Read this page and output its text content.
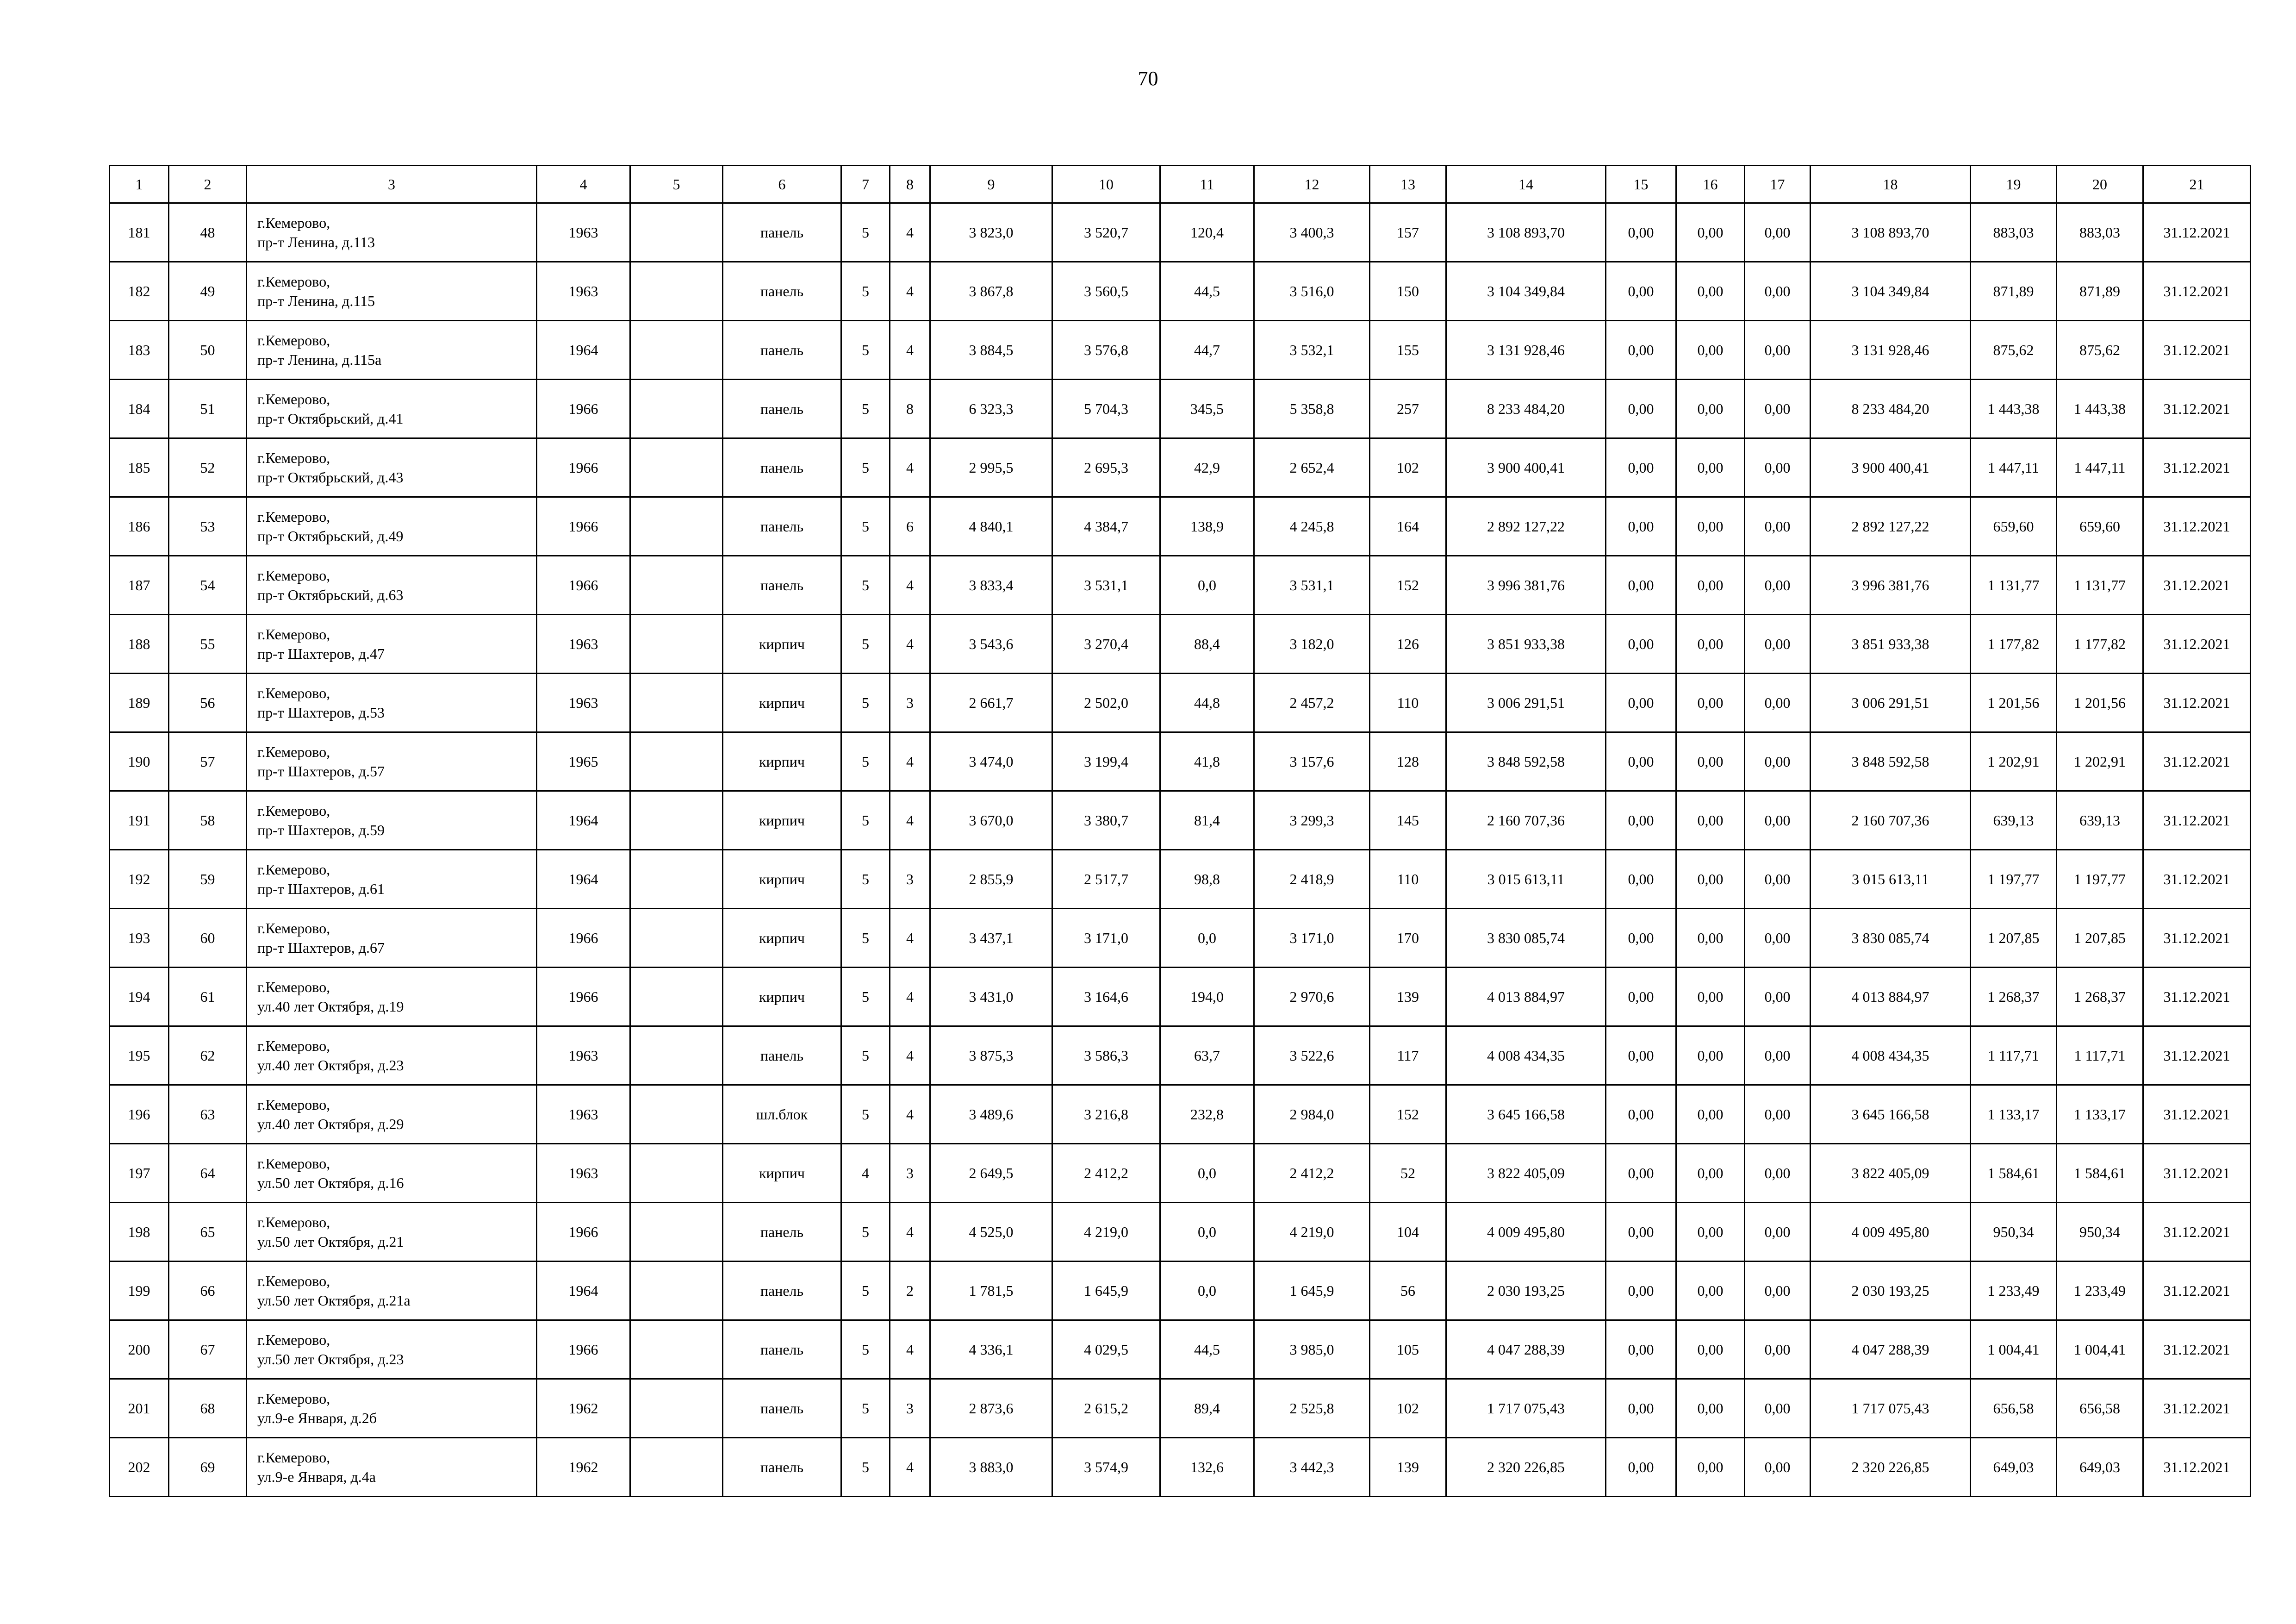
70
1	2	3	4	5	6	7	8	9	10	11	12	13	14	15	16	17	18	19	20	21
181	48	г.Кемерово,
пр-т Ленина, д.113	1963		панель	5	4	3 823,0	3 520,7	120,4	3 400,3	157	3 108 893,70	0,00	0,00	0,00	3 108 893,70	883,03	883,03	31.12.2021
182	49	г.Кемерово,
пр-т Ленина, д.115	1963		панель	5	4	3 867,8	3 560,5	44,5	3 516,0	150	3 104 349,84	0,00	0,00	0,00	3 104 349,84	871,89	871,89	31.12.2021
183	50	г.Кемерово,
пр-т Ленина, д.115а	1964		панель	5	4	3 884,5	3 576,8	44,7	3 532,1	155	3 131 928,46	0,00	0,00	0,00	3 131 928,46	875,62	875,62	31.12.2021
184	51	г.Кемерово,
пр-т Октябрьский, д.41	1966		панель	5	8	6 323,3	5 704,3	345,5	5 358,8	257	8 233 484,20	0,00	0,00	0,00	8 233 484,20	1 443,38	1 443,38	31.12.2021
185	52	г.Кемерово,
пр-т Октябрьский, д.43	1966		панель	5	4	2 995,5	2 695,3	42,9	2 652,4	102	3 900 400,41	0,00	0,00	0,00	3 900 400,41	1 447,11	1 447,11	31.12.2021
186	53	г.Кемерово,
пр-т Октябрьский, д.49	1966		панель	5	6	4 840,1	4 384,7	138,9	4 245,8	164	2 892 127,22	0,00	0,00	0,00	2 892 127,22	659,60	659,60	31.12.2021
187	54	г.Кемерово,
пр-т Октябрьский, д.63	1966		панель	5	4	3 833,4	3 531,1	0,0	3 531,1	152	3 996 381,76	0,00	0,00	0,00	3 996 381,76	1 131,77	1 131,77	31.12.2021
188	55	г.Кемерово,
пр-т Шахтеров, д.47	1963		кирпич	5	4	3 543,6	3 270,4	88,4	3 182,0	126	3 851 933,38	0,00	0,00	0,00	3 851 933,38	1 177,82	1 177,82	31.12.2021
189	56	г.Кемерово,
пр-т Шахтеров, д.53	1963		кирпич	5	3	2 661,7	2 502,0	44,8	2 457,2	110	3 006 291,51	0,00	0,00	0,00	3 006 291,51	1 201,56	1 201,56	31.12.2021
190	57	г.Кемерово,
пр-т Шахтеров, д.57	1965		кирпич	5	4	3 474,0	3 199,4	41,8	3 157,6	128	3 848 592,58	0,00	0,00	0,00	3 848 592,58	1 202,91	1 202,91	31.12.2021
191	58	г.Кемерово,
пр-т Шахтеров, д.59	1964		кирпич	5	4	3 670,0	3 380,7	81,4	3 299,3	145	2 160 707,36	0,00	0,00	0,00	2 160 707,36	639,13	639,13	31.12.2021
192	59	г.Кемерово,
пр-т Шахтеров, д.61	1964		кирпич	5	3	2 855,9	2 517,7	98,8	2 418,9	110	3 015 613,11	0,00	0,00	0,00	3 015 613,11	1 197,77	1 197,77	31.12.2021
193	60	г.Кемерово,
пр-т Шахтеров, д.67	1966		кирпич	5	4	3 437,1	3 171,0	0,0	3 171,0	170	3 830 085,74	0,00	0,00	0,00	3 830 085,74	1 207,85	1 207,85	31.12.2021
194	61	г.Кемерово,
ул.40 лет Октября, д.19	1966		кирпич	5	4	3 431,0	3 164,6	194,0	2 970,6	139	4 013 884,97	0,00	0,00	0,00	4 013 884,97	1 268,37	1 268,37	31.12.2021
195	62	г.Кемерово,
ул.40 лет Октября, д.23	1963		панель	5	4	3 875,3	3 586,3	63,7	3 522,6	117	4 008 434,35	0,00	0,00	0,00	4 008 434,35	1 117,71	1 117,71	31.12.2021
196	63	г.Кемерово,
ул.40 лет Октября, д.29	1963		шл.блок	5	4	3 489,6	3 216,8	232,8	2 984,0	152	3 645 166,58	0,00	0,00	0,00	3 645 166,58	1 133,17	1 133,17	31.12.2021
197	64	г.Кемерово,
ул.50 лет Октября, д.16	1963		кирпич	4	3	2 649,5	2 412,2	0,0	2 412,2	52	3 822 405,09	0,00	0,00	0,00	3 822 405,09	1 584,61	1 584,61	31.12.2021
198	65	г.Кемерово,
ул.50 лет Октября, д.21	1966		панель	5	4	4 525,0	4 219,0	0,0	4 219,0	104	4 009 495,80	0,00	0,00	0,00	4 009 495,80	950,34	950,34	31.12.2021
199	66	г.Кемерово,
ул.50 лет Октября, д.21а	1964		панель	5	2	1 781,5	1 645,9	0,0	1 645,9	56	2 030 193,25	0,00	0,00	0,00	2 030 193,25	1 233,49	1 233,49	31.12.2021
200	67	г.Кемерово,
ул.50 лет Октября, д.23	1966		панель	5	4	4 336,1	4 029,5	44,5	3 985,0	105	4 047 288,39	0,00	0,00	0,00	4 047 288,39	1 004,41	1 004,41	31.12.2021
201	68	г.Кемерово,
ул.9-е Января, д.2б	1962		панель	5	3	2 873,6	2 615,2	89,4	2 525,8	102	1 717 075,43	0,00	0,00	0,00	1 717 075,43	656,58	656,58	31.12.2021
202	69	г.Кемерово,
ул.9-е Января, д.4а	1962		панель	5	4	3 883,0	3 574,9	132,6	3 442,3	139	2 320 226,85	0,00	0,00	0,00	2 320 226,85	649,03	649,03	31.12.2021
